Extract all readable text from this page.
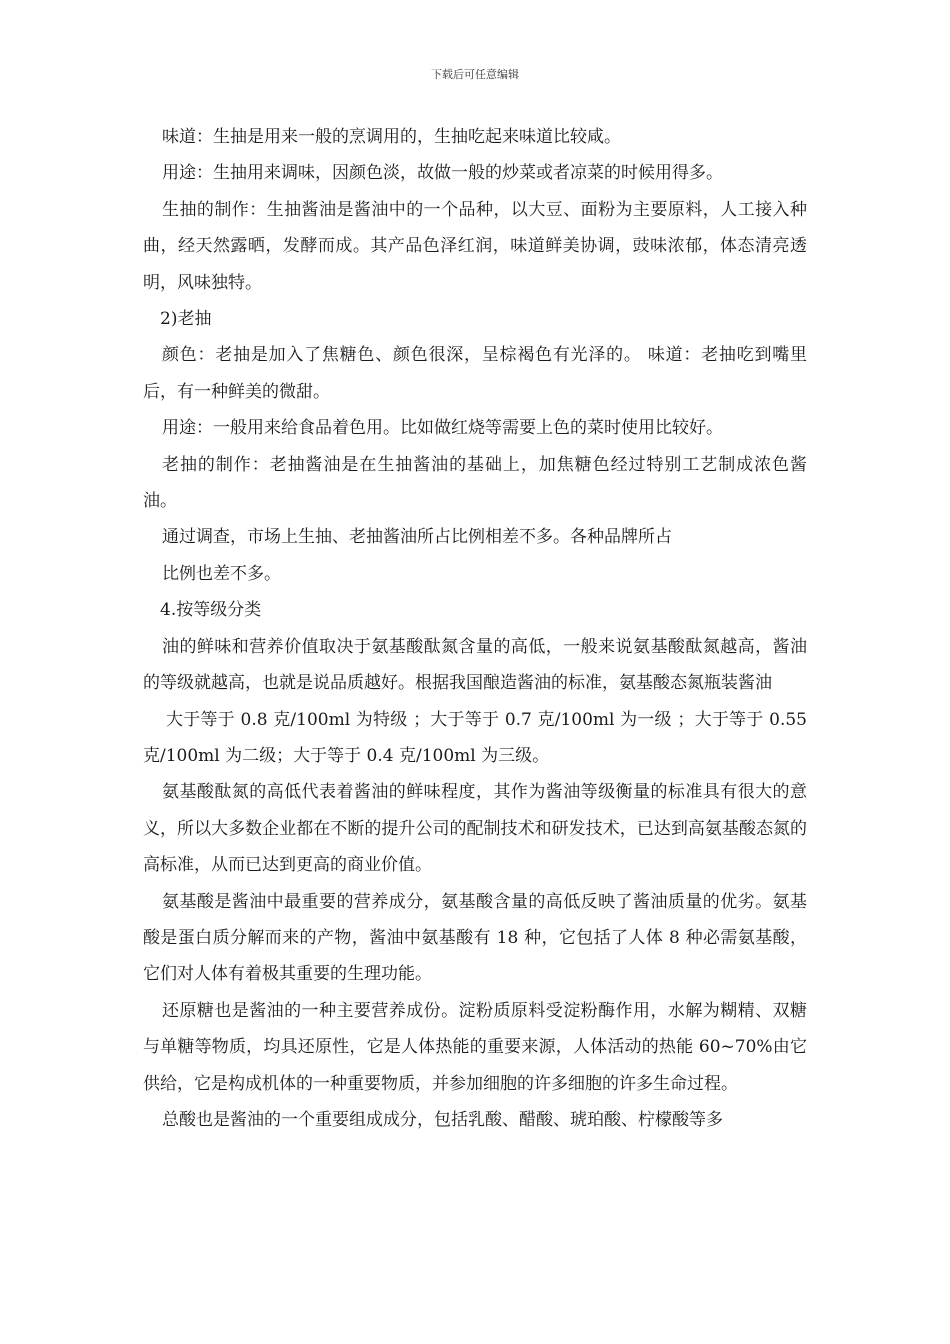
下载后可任意编辑

味道：生抽是用来一般的烹调用的，生抽吃起来味道比较咸。

用途：生抽用来调味，因颜色淡，故做一般的炒菜或者凉菜的时候用得多。

生抽的制作：生抽酱油是酱油中的一个品种，以大豆、面粉为主要原料，人工接入种曲，经天然露晒，发酵而成。其产品色泽红润，味道鲜美协调，豉味浓郁，体态清亮透明，风味独特。

2)老抽

颜色：老抽是加入了焦糖色、颜色很深，呈棕褐色有光泽的。 味道：老抽吃到嘴里后，有一种鲜美的微甜。

用途：一般用来给食品着色用。比如做红烧等需要上色的菜时使用比较好。

老抽的制作：老抽酱油是在生抽酱油的基础上，加焦糖色经过特别工艺制成浓色酱油。

通过调查，市场上生抽、老抽酱油所占比例相差不多。各种品牌所占

比例也差不多。

4.按等级分类

油的鲜味和营养价值取决于氨基酸酞氮含量的高低，一般来说氨基酸酞氮越高，酱油的等级就越高，也就是说品质越好。根据我国酿造酱油的标准，氨基酸态氮瓶装酱油

大于等于 0.8 克/100ml 为特级 ；大于等于 0.7 克/100ml 为一级 ；大于等于 0.55 克/100ml 为二级；大于等于 0.4 克/100ml 为三级。

氨基酸酞氮的高低代表着酱油的鲜味程度，其作为酱油等级衡量的标准具有很大的意义，所以大多数企业都在不断的提升公司的配制技术和研发技术，已达到高氨基酸态氮的高标准，从而已达到更高的商业价值。

氨基酸是酱油中最重要的营养成分，氨基酸含量的高低反映了酱油质量的优劣。氨基酸是蛋白质分解而来的产物，酱油中氨基酸有 18 种，它包括了人体 8 种必需氨基酸，它们对人体有着极其重要的生理功能。

还原糖也是酱油的一种主要营养成份。淀粉质原料受淀粉酶作用，水解为糊精、双糖与单糖等物质，均具还原性，它是人体热能的重要来源，人体活动的热能 60~70%由它供给，它是构成机体的一种重要物质，并参加细胞的许多细胞的许多生命过程。

总酸也是酱油的一个重要组成成分，包括乳酸、醋酸、琥珀酸、柠檬酸等多
